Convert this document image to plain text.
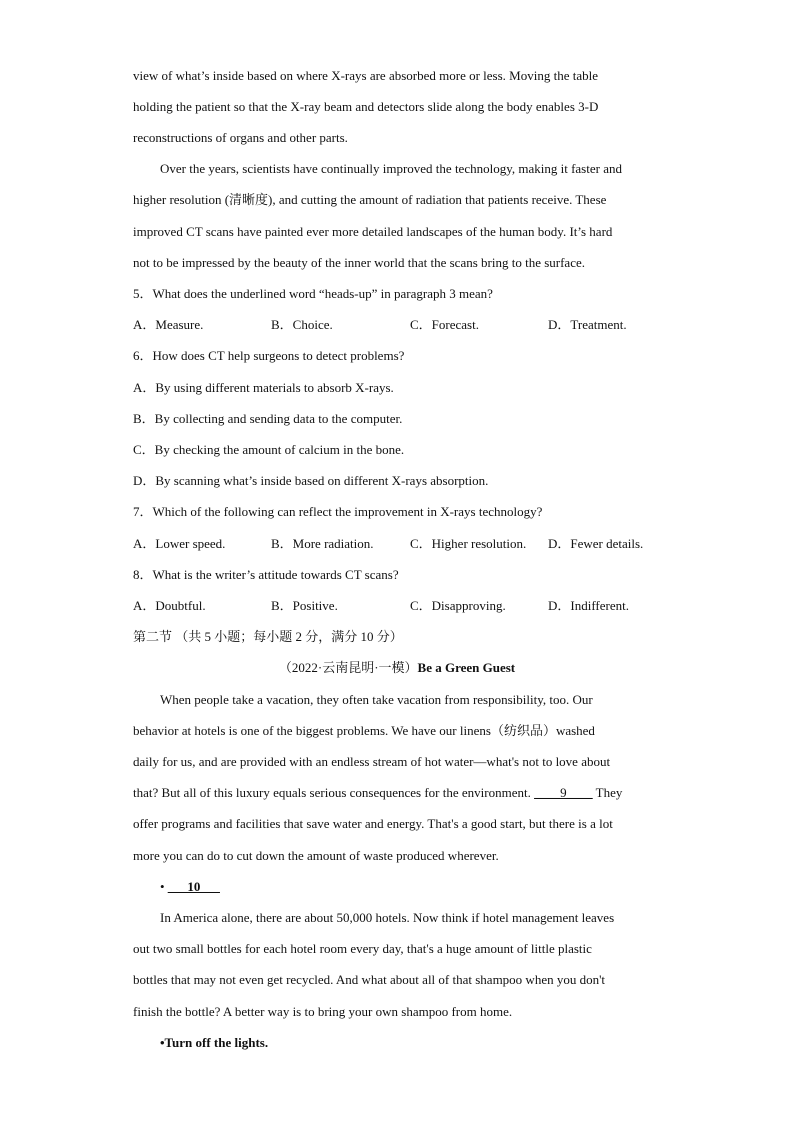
view of what’s inside based on where X-rays are absorbed more or less. Moving the table
holding the patient so that the X-ray beam and detectors slide along the body enables 3-D
reconstructions of organs and other parts.
Over the years, scientists have continually improved the technology, making it faster and
higher resolution (清晰度), and cutting the amount of radiation that patients receive. These
improved CT scans have painted ever more detailed landscapes of the human body. It’s hard
not to be impressed by the beauty of the inner world that the scans bring to the surface.
5．What does the underlined word “heads-up” in paragraph 3 mean?
A．Measure.	B．Choice.	C．Forecast.	D．Treatment.
6．How does CT help surgeons to detect problems?
A．By using different materials to absorb X-rays.
B．By collecting and sending data to the computer.
C．By checking the amount of calcium in the bone.
D．By scanning what’s inside based on different X-rays absorption.
7．Which of the following can reflect the improvement in X-rays technology?
A．Lower speed.	B．More radiation.	C．Higher resolution. D．Fewer details.
8．What is the writer’s attitude towards CT scans?
A．Doubtful.	B．Positive.	C．Disapproving.	D．Indifferent.
第二节 （共 5 小题；每小题 2 分，满分 10 分）
（2022·云南昆明·一模）Be a Green Guest
When people take a vacation, they often take vacation from responsibility, too. Our
behavior at hotels is one of the biggest problems. We have our linens（纺织品）washed
daily for us, and are provided with an endless stream of hot water—what's not to love about
that? But all of this luxury equals serious consequences for the environment. ____9____ They
offer programs and facilities that save water and energy. That's a good start, but there is a lot
more you can do to cut down the amount of waste produced wherever.
• ___10___
In America alone, there are about 50,000 hotels. Now think if hotel management leaves
out two small bottles for each hotel room every day, that's a huge amount of little plastic
bottles that may not even get recycled. And what about all of that shampoo when you don't
finish the bottle? A better way is to bring your own shampoo from home.
•Turn off the lights.
